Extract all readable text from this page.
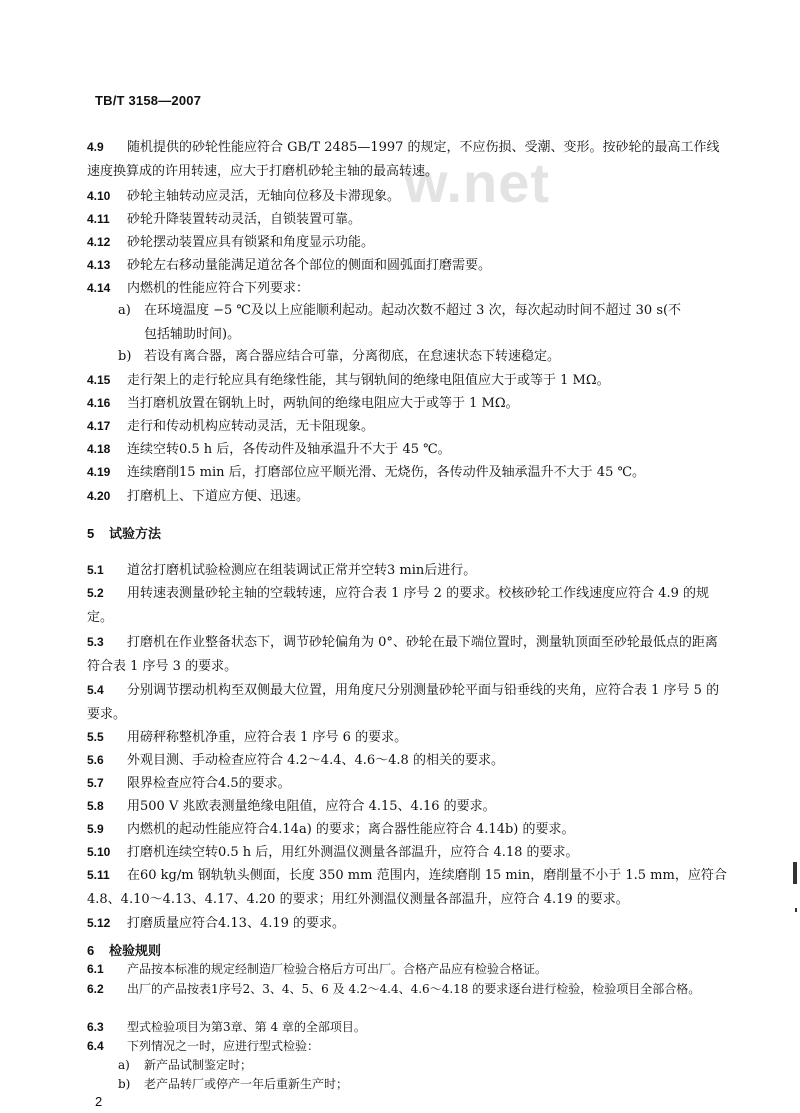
w.net
TB/T 3158—2007
4.9 随机提供的砂轮性能应符合 GB/T 2485—1997 的规定，不应伤损、受潮、变形。按砂轮的最高工作线速度换算成的许用转速，应大于打磨机砂轮主轴的最高转速。
4.10 砂轮主轴转动应灵活，无轴向位移及卡滞现象。
4.11 砂轮升降装置转动灵活，自锁装置可靠。
4.12 砂轮摆动装置应具有锁紧和角度显示功能。
4.13 砂轮左右移动量能满足道岔各个部位的侧面和圆弧面打磨需要。
4.14 内燃机的性能应符合下列要求：
a) 在环境温度 −5 ℃及以上应能顺利起动。起动次数不超过 3 次，每次起动时间不超过 30 s(不
包括辅助时间)。
b) 若设有离合器，离合器应结合可靠，分离彻底，在怠速状态下转速稳定。
4.15 走行架上的走行轮应具有绝缘性能，其与钢轨间的绝缘电阻值应大于或等于 1 MΩ。
4.16 当打磨机放置在钢轨上时，两轨间的绝缘电阻应大于或等于 1 MΩ。
4.17 走行和传动机构应转动灵活，无卡阻现象。
4.18 连续空转0.5 h 后，各传动件及轴承温升不大于 45 ℃。
4.19 连续磨削15 min 后，打磨部位应平顺光滑、无烧伤，各传动件及轴承温升不大于 45 ℃。
4.20 打磨机上、下道应方便、迅速。
5 试验方法
5.1 道岔打磨机试验检测应在组装调试正常并空转3 min后进行。
5.2 用转速表测量砂轮主轴的空载转速，应符合表 1 序号 2 的要求。校核砂轮工作线速度应符合 4.9 的规定。
5.3 打磨机在作业整备状态下，调节砂轮偏角为 0°、砂轮在最下端位置时，测量轨顶面至砂轮最低点的距离符合表 1 序号 3 的要求。
5.4 分别调节摆动机构至双侧最大位置，用角度尺分别测量砂轮平面与铅垂线的夹角，应符合表 1 序号 5 的要求。
5.5 用磅秤称整机净重，应符合表 1 序号 6 的要求。
5.6 外观目测、手动检查应符合 4.2～4.4、4.6～4.8 的相关的要求。
5.7 限界检查应符合4.5的要求。
5.8 用500 V 兆欧表测量绝缘电阻值，应符合 4.15、4.16 的要求。
5.9 内燃机的起动性能应符合4.14a) 的要求；离合器性能应符合 4.14b) 的要求。
5.10 打磨机连续空转0.5 h 后，用红外测温仪测量各部温升，应符合 4.18 的要求。
5.11 在60 kg/m 钢轨轨头侧面，长度 350 mm 范围内，连续磨削 15 min，磨削量不小于 1.5 mm，应符合 4.8、4.10～4.13、4.17、4.20 的要求；用红外测温仪测量各部温升，应符合 4.19 的要求。
5.12 打磨质量应符合4.13、4.19 的要求。
6 检验规则
6.1 产品按本标准的规定经制造厂检验合格后方可出厂。合格产品应有检验合格证。
6.2 出厂的产品按表1序号2、3、4、5、6 及 4.2～4.4、4.6～4.18 的要求逐台进行检验，检验项目全部合格。
2
6.3 型式检验项目为第3章、第 4 章的全部项目。
6.4 下列情况之一时，应进行型式检验：
a) 新产品试制鉴定时；
b) 老产品转厂或停产一年后重新生产时；
